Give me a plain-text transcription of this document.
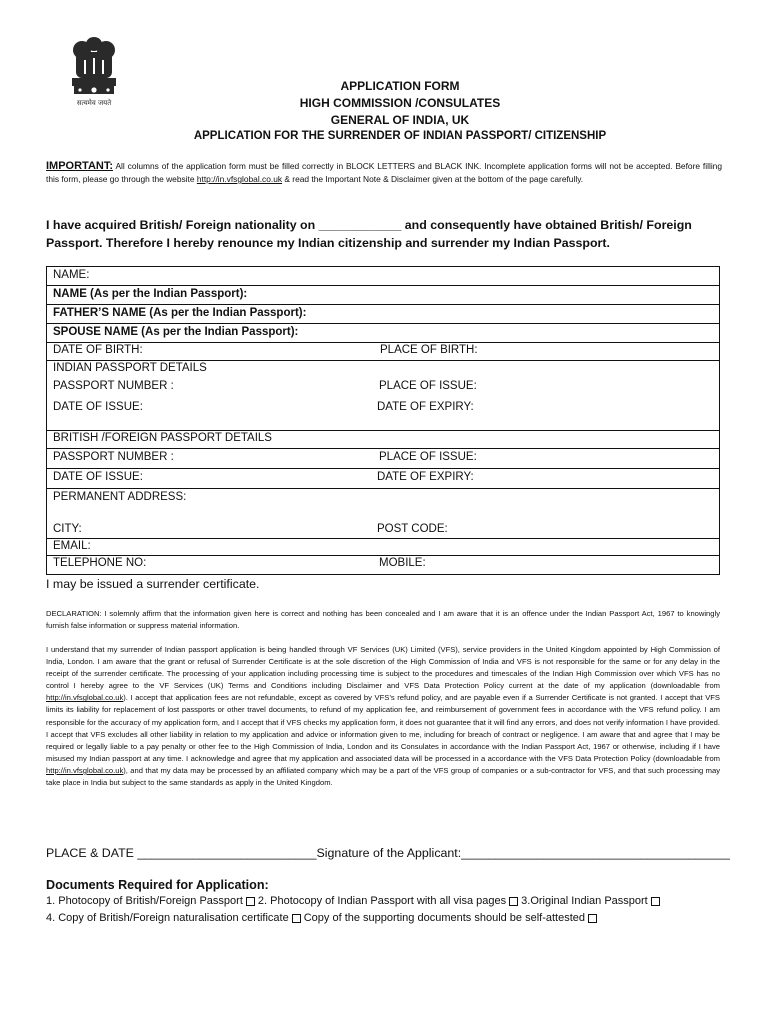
सत्यमेव जयते
APPLICATION FORM
HIGH COMMISSION /CONSULATES
GENERAL OF INDIA, UK
APPLICATION FOR THE SURRENDER OF INDIAN PASSPORT/ CITIZENSHIP
IMPORTANT: All columns of the application form must be filled correctly in BLOCK LETTERS and BLACK INK. Incomplete application forms will not be accepted. Before filling this form, please go through the website http://in.vfsglobal.co.uk & read the Important Note & Disclaimer given at the bottom of the page carefully.
I have acquired British/ Foreign nationality on ____________ and consequently have obtained British/ Foreign Passport. Therefore I hereby renounce my Indian citizenship and surrender my Indian Passport.
NAME:
NAME (As per the Indian Passport):
FATHER’S NAME (As per the Indian Passport):
SPOUSE NAME (As per the Indian Passport):
DATE OF BIRTH:	PLACE OF BIRTH:
INDIAN PASSPORT DETAILS
PASSPORT NUMBER :	PLACE OF ISSUE:
DATE OF ISSUE:	DATE OF EXPIRY:
BRITISH /FOREIGN PASSPORT DETAILS
PASSPORT NUMBER :	PLACE OF ISSUE:
DATE OF ISSUE:	DATE OF EXPIRY:
PERMANENT ADDRESS:
CITY:	POST CODE:
EMAIL:
TELEPHONE NO:	MOBILE:
I may be issued a surrender certificate.
DECLARATION: I solemnly affirm that the information given here is correct and nothing has been concealed and I am aware that it is an offence under the Indian Passport Act, 1967 to knowingly furnish false information or suppress material information.
I understand that my surrender of Indian passport application is being handled through VF Services (UK) Limited (VFS), service providers in the United Kingdom appointed by High Commission of India, London. I am aware that the grant or refusal of Surrender Certificate is at the sole discretion of the High Commission of India and VFS is not responsible for the same or for any delay in the receipt of the surrender certificate. The processing of your application including processing time is subject to the procedures and timescales of the Indian High Commission over which VFS has no control I hereby agree to the VF Services (UK) Terms and Conditions including Disclaimer and VFS Data Protection Policy current at the date of my application (downloadable from http://in.vfsglobal.co.uk). I accept that application fees are not refundable, except as covered by VFS’s refund policy, and are payable even if a Surrender Certificate is not granted. I accept that VFS limits its liability for replacement of lost passports or other travel documents, to refund of my application fee, and reimbursement of government fees in accordance with the VFS refund policy. I am responsible for the accuracy of my application form, and I accept that if VFS checks my application form, it does not guarantee that it will find any errors, and does not verify information I have provided. I accept that VFS excludes all other liability in relation to my application and advice or information given to me, including for breach of contract or negligence. I am aware that and agree that I may be required or legally liable to a pay penalty or other fee to the High Commission of India, London and its Consulates in accordance with the Indian Passport Act, 1967 or otherwise, including if I have misused my Indian passport at any time. I acknowledge and agree that my application and associated data will be processed in a accordance with the VFS Data Protection Policy (downloadable from http://in.vfsglobal.co.uk), and that my data may be processed by an affiliated company which may be a part of the VFS group of companies or a sub-contractor for VFS, and that such processing may take place in India but subject to the same standards as apply in the United Kingdom.
PLACE & DATE __________________________Signature of the Applicant:_______________________________________
Documents Required for Application:
1. Photocopy of British/Foreign Passport 2. Photocopy of Indian Passport with all visa pages 3.Original Indian Passport
4. Copy of British/Foreign naturalisation certificate Copy of the supporting documents should be self-attested
